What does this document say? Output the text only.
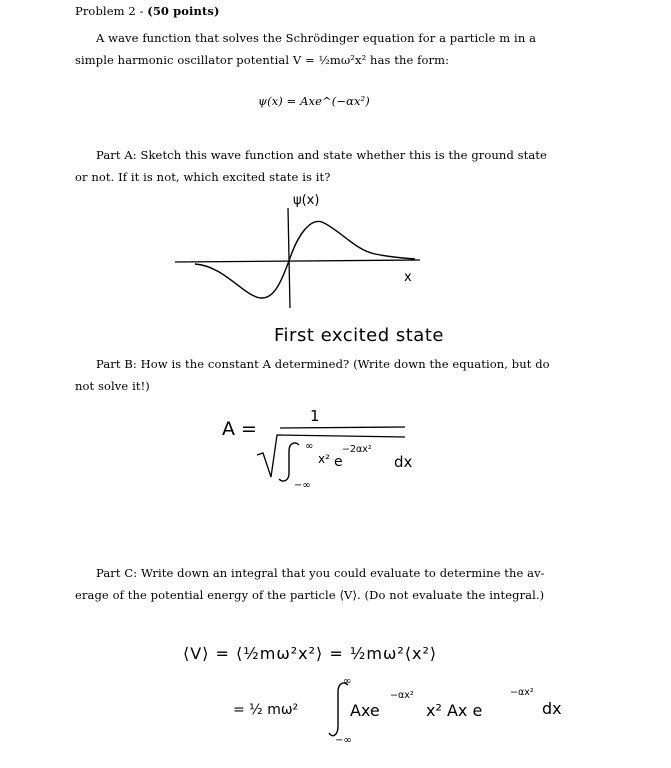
Problem 2 - (50 points)

A wave function that solves the Schrödinger equation for a particle m in a

simple harmonic oscillator potential V = ½mω²x² has the form:

ψ(x) = Axe^(−αx²)

Part A: Sketch this wave function and state whether this is the ground state

or not. If it is not, which excited state is it?

ψ(x)
x
First excited state

Part B: How is the constant A determined? (Write down the equation, but do

not solve it!)

A =
1
∞
−∞
x² e
−2αx²
dx

Part C: Write down an integral that you could evaluate to determine the av-

erage of the potential energy of the particle ⟨V⟩. (Do not evaluate the integral.)

⟨V⟩ = ⟨½mω²x²⟩ = ½mω²⟨x²⟩
= ½ mω²
∞
−∞
Axe
−αx²
x² Ax e
−αx²
dx
